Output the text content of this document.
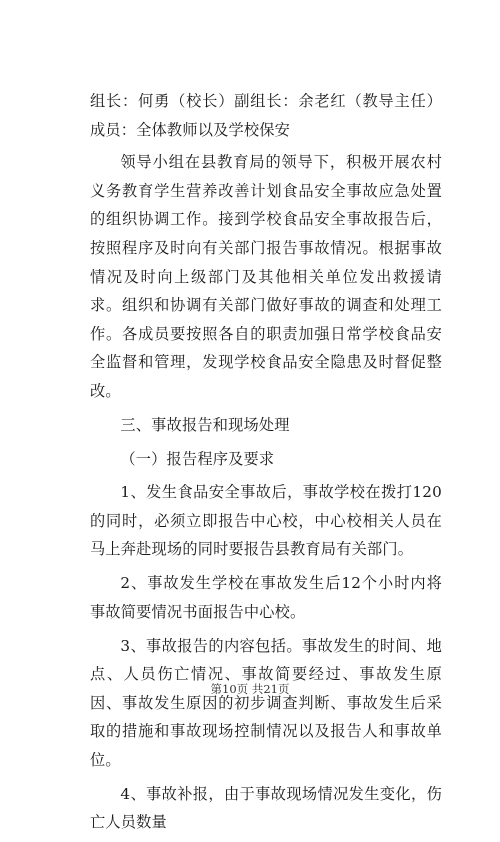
组长：何勇（校长）副组长：余老红（教导主任）成员：全体教师以及学校保安

领导小组在县教育局的领导下，积极开展农村义务教育学生营养改善计划食品安全事故应急处置的组织协调工作。接到学校食品安全事故报告后，按照程序及时向有关部门报告事故情况。根据事故情况及时向上级部门及其他相关单位发出救援请求。组织和协调有关部门做好事故的调查和处理工作。各成员要按照各自的职责加强日常学校食品安全监督和管理，发现学校食品安全隐患及时督促整改。

三、事故报告和现场处理

（一）报告程序及要求

1、发生食品安全事故后，事故学校在拨打120的同时，必须立即报告中心校，中心校相关人员在马上奔赴现场的同时要报告县教育局有关部门。

2、事故发生学校在事故发生后12个小时内将事故简要情况书面报告中心校。

3、事故报告的内容包括。事故发生的时间、地点、人员伤亡情况、事故简要经过、事故发生原因、事故发生原因的初步调查判断、事故发生后采取的措施和事故现场控制情况以及报告人和事故单位。

4、事故补报，由于事故现场情况发生变化，伤亡人员数量

第10页 共21页
